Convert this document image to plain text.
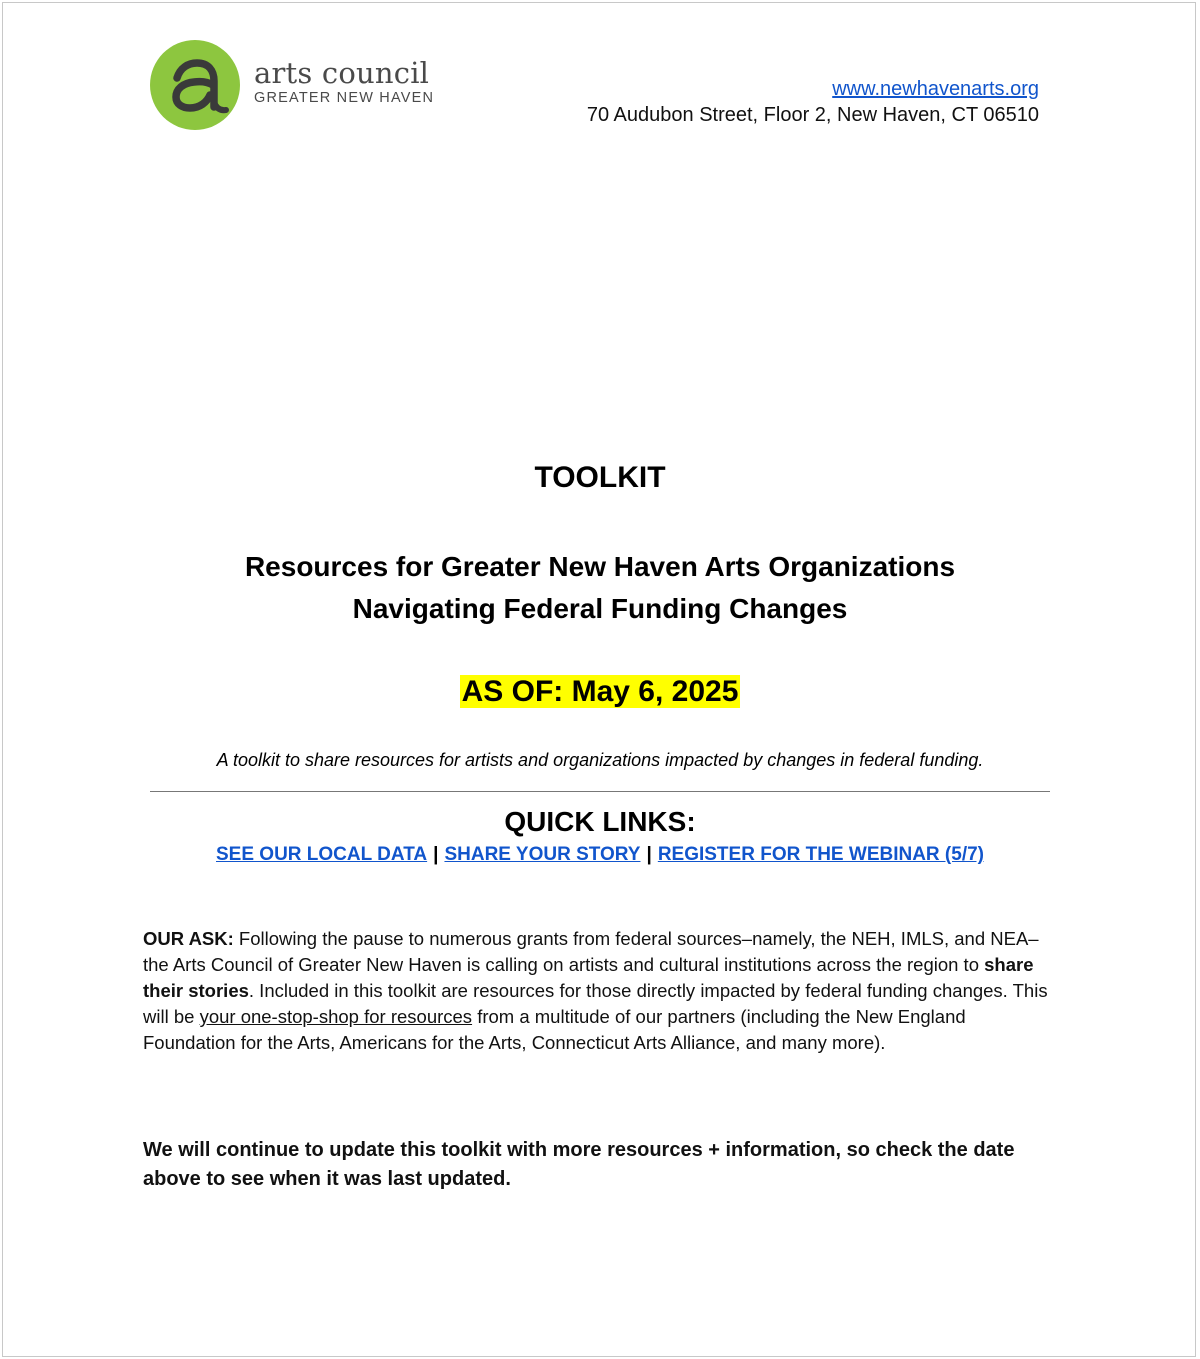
arts council
GREATER NEW HAVEN	www.newhavenarts.org
70 Audubon Street, Floor 2, New Haven, CT 06510
TOOLKIT
Resources for Greater New Haven Arts Organizations
Navigating Federal Funding Changes
AS OF: May 6, 2025
A toolkit to share resources for artists and organizations impacted by changes in federal funding.
QUICK LINKS:
SEE OUR LOCAL DATA | SHARE YOUR STORY | REGISTER FOR THE WEBINAR (5/7)
OUR ASK: Following the pause to numerous grants from federal sources–namely, the NEH, IMLS, and NEA–the Arts Council of Greater New Haven is calling on artists and cultural institutions across the region to share their stories. Included in this toolkit are resources for those directly impacted by federal funding changes. This will be your one-stop-shop for resources from a multitude of our partners (including the New England Foundation for the Arts, Americans for the Arts, Connecticut Arts Alliance, and many more).
We will continue to update this toolkit with more resources + information, so check the date above to see when it was last updated.
